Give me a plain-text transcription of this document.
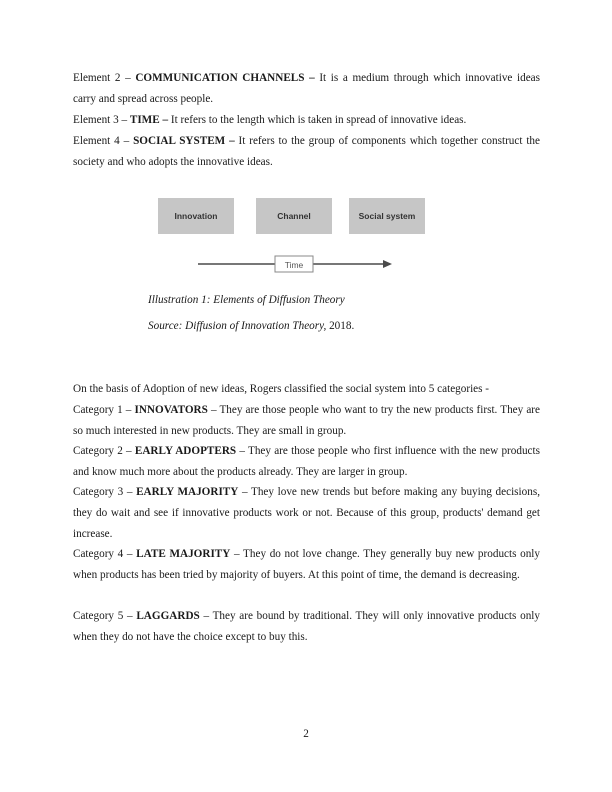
Element 2 – COMMUNICATION CHANNELS – It is a medium through which innovative ideas carry and spread across people.
Element 3 – TIME – It refers to the length which is taken in spread of innovative ideas.
Element 4 – SOCIAL SYSTEM – It refers to the group of components which together construct the society and who adopts the innovative ideas.
Innovation	Channel	Social system
Time
Illustration 1: Elements of Diffusion Theory
Source: Diffusion of Innovation Theory, 2018.
On the basis of Adoption of new ideas, Rogers classified the social system into 5 categories -
Category 1 – INNOVATORS – They are those people who want to try the new products first. They are so much interested in new products. They are small in group.
Category 2 – EARLY ADOPTERS – They are those people who first influence with the new products and know much more about the products already. They are larger in group.
Category 3 – EARLY MAJORITY – They love new trends but before making any buying decisions, they do wait and see if innovative products work or not. Because of this group, products' demand get increase.
Category 4 – LATE MAJORITY – They do not love change. They generally buy new products only when products has been tried by majority of buyers. At this point of time, the demand is decreasing.
Category 5 – LAGGARDS – They are bound by traditional. They will only innovative products only when they do not have the choice except to buy this.
2
